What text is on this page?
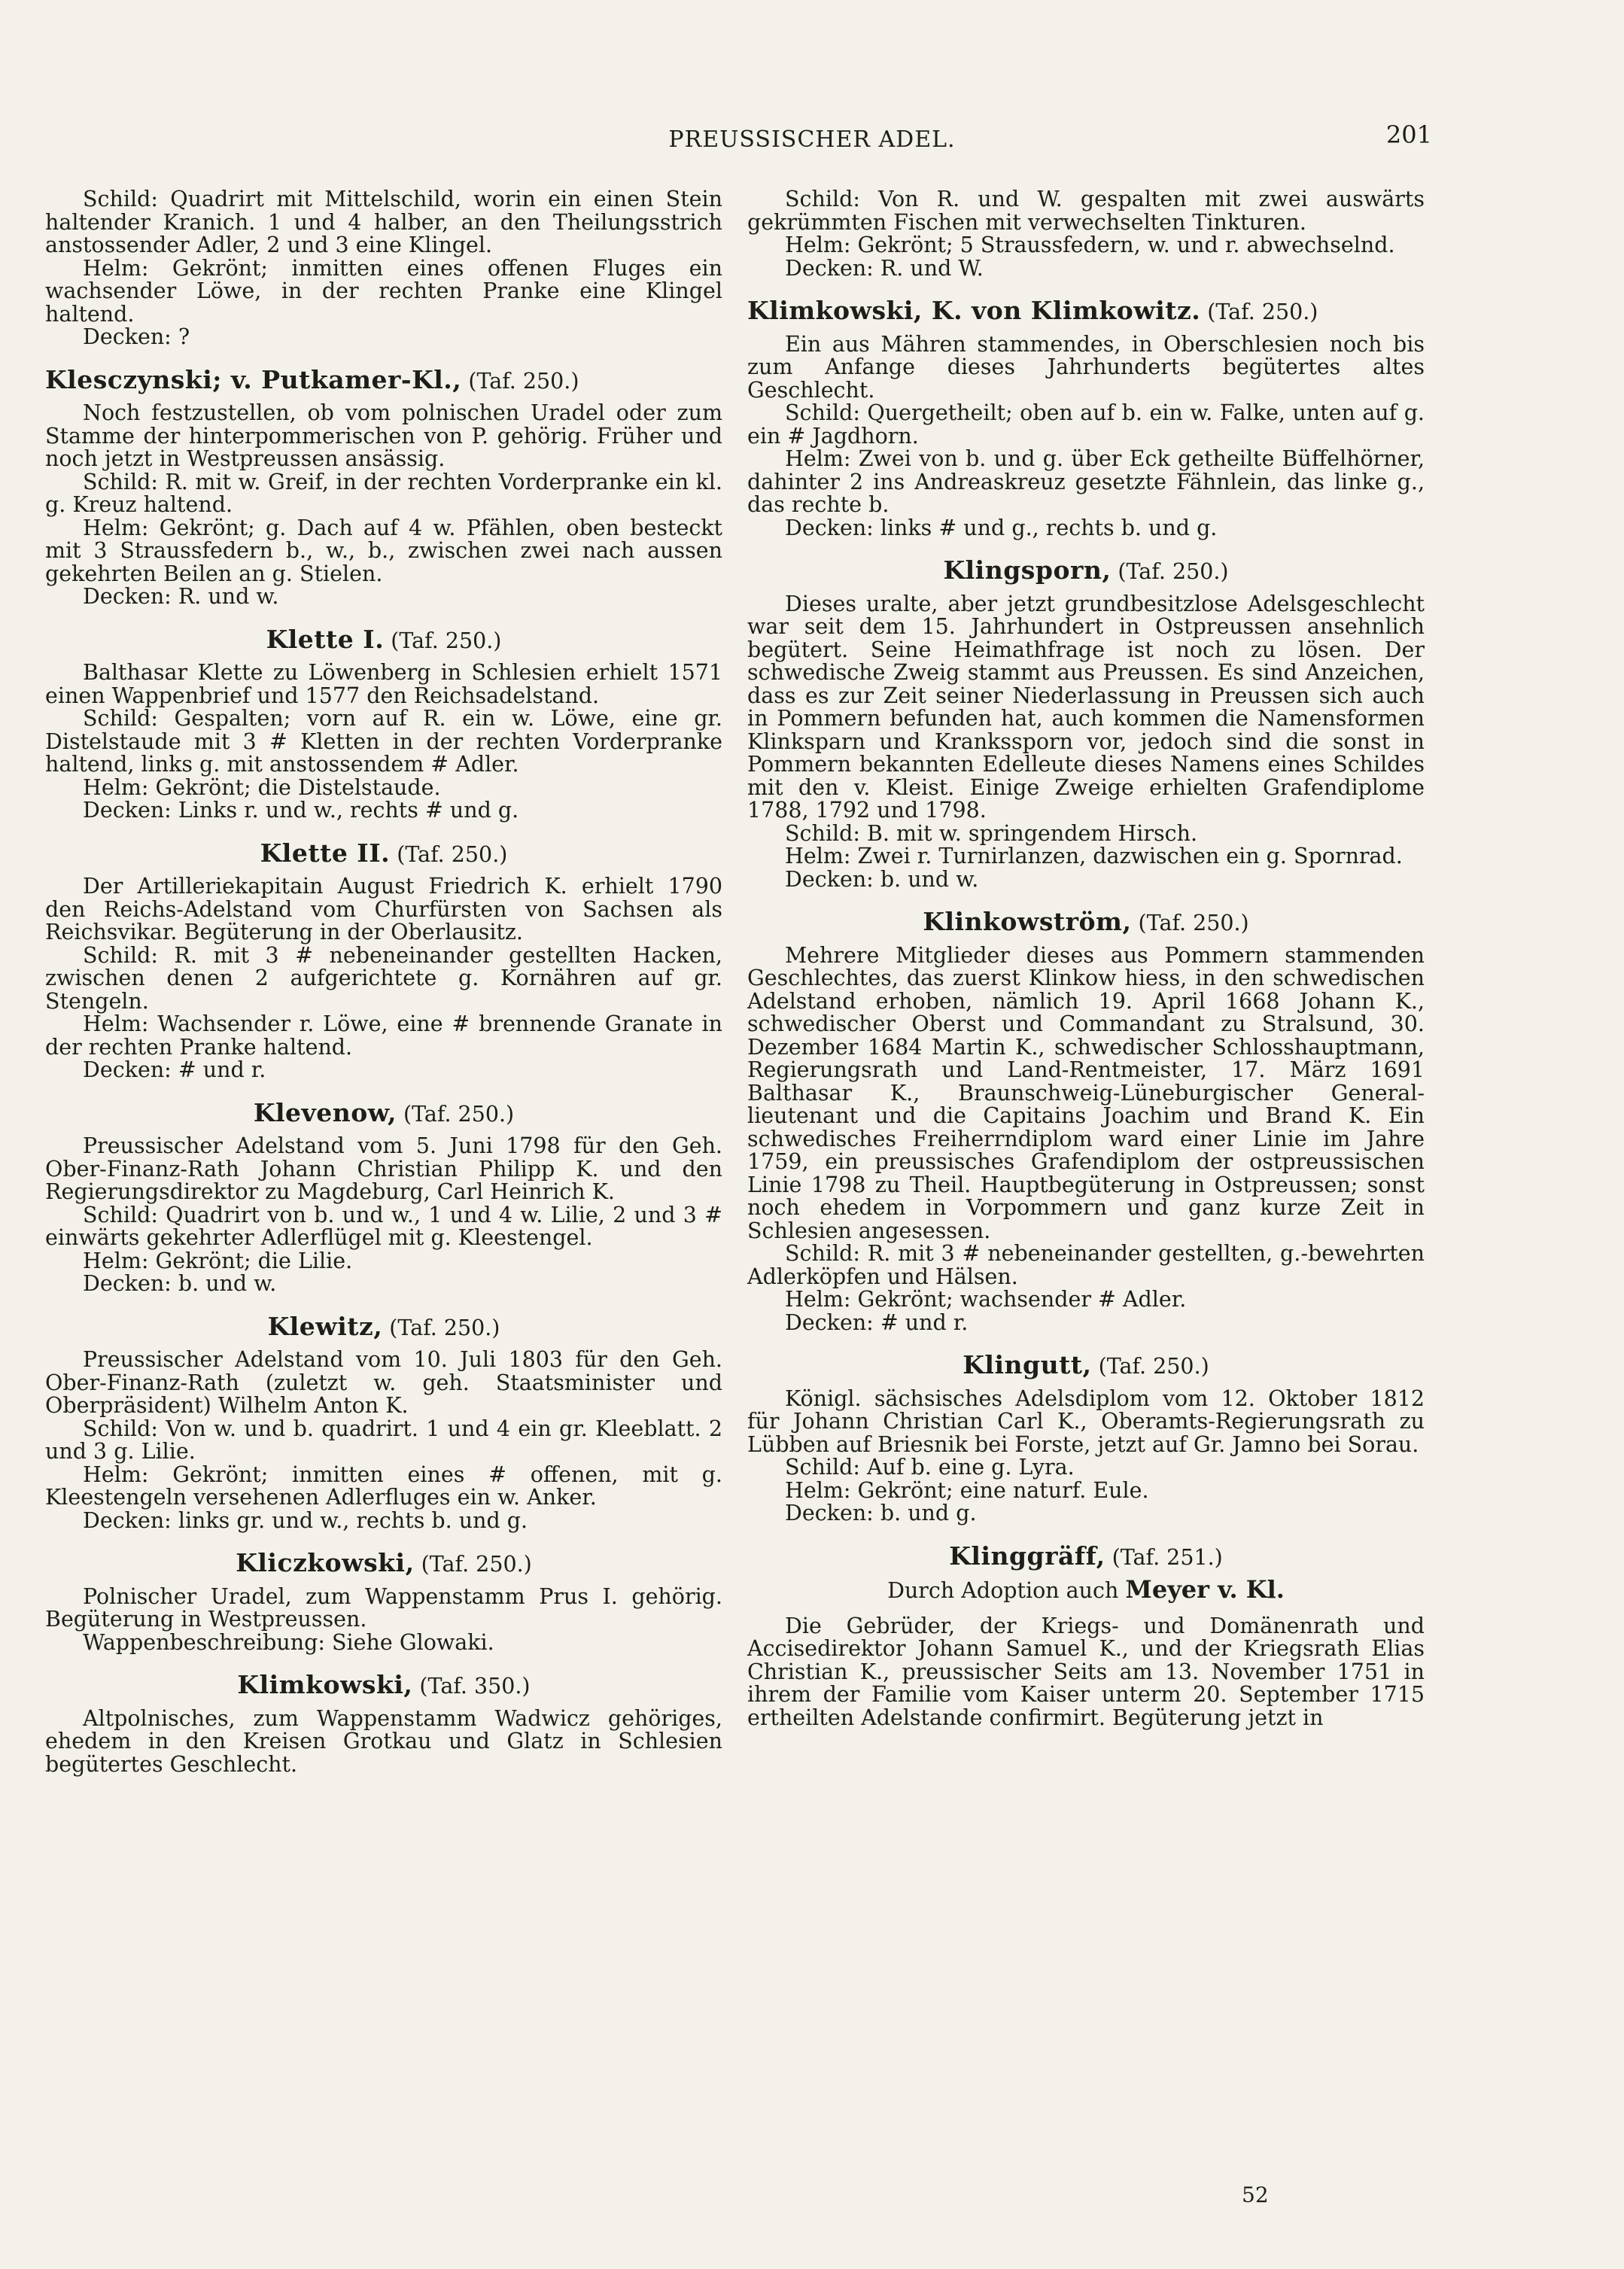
PREUSSISCHER ADEL.	201

Schild: Quadrirt mit Mittelschild, worin ein einen Stein haltender Kranich. 1 und 4 halber, an den Theilungsstrich anstossender Adler, 2 und 3 eine Klingel.

Helm: Gekrönt; inmitten eines offenen Fluges ein wachsender Löwe, in der rechten Pranke eine Klingel haltend.

Decken: ?

Klesczynski; v. Putkamer-Kl., (Taf. 250.)

Noch festzustellen, ob vom polnischen Uradel oder zum Stamme der hinterpommerischen von P. gehörig. Früher und noch jetzt in Westpreussen ansässig.

Schild: R. mit w. Greif, in der rechten Vorderpranke ein kl. g. Kreuz haltend.

Helm: Gekrönt; g. Dach auf 4 w. Pfählen, oben besteckt mit 3 Straussfedern b., w., b., zwischen zwei nach aussen gekehrten Beilen an g. Stielen.

Decken: R. und w.

Klette I. (Taf. 250.)

Balthasar Klette zu Löwenberg in Schlesien erhielt 1571 einen Wappenbrief und 1577 den Reichsadelstand.

Schild: Gespalten; vorn auf R. ein w. Löwe, eine gr. Distelstaude mit 3 # Kletten in der rechten Vorderpranke haltend, links g. mit anstossendem # Adler.

Helm: Gekrönt; die Distelstaude.

Decken: Links r. und w., rechts # und g.

Klette II. (Taf. 250.)

Der Artilleriekapitain August Friedrich K. erhielt 1790 den Reichs-Adelstand vom Churfürsten von Sachsen als Reichsvikar. Begüterung in der Oberlausitz.

Schild: R. mit 3 # nebeneinander gestellten Hacken, zwischen denen 2 aufgerichtete g. Kornähren auf gr. Stengeln.

Helm: Wachsender r. Löwe, eine # brennende Granate in der rechten Pranke haltend.

Decken: # und r.

Klevenow, (Taf. 250.)

Preussischer Adelstand vom 5. Juni 1798 für den Geh. Ober-Finanz-Rath Johann Christian Philipp K. und den Regierungsdirektor zu Magdeburg, Carl Heinrich K.

Schild: Quadrirt von b. und w., 1 und 4 w. Lilie, 2 und 3 # einwärts gekehrter Adlerflügel mit g. Kleestengel.

Helm: Gekrönt; die Lilie.

Decken: b. und w.

Klewitz, (Taf. 250.)

Preussischer Adelstand vom 10. Juli 1803 für den Geh. Ober-Finanz-Rath (zuletzt w. geh. Staatsminister und Oberpräsident) Wilhelm Anton K.

Schild: Von w. und b. quadrirt. 1 und 4 ein gr. Kleeblatt. 2 und 3 g. Lilie.

Helm: Gekrönt; inmitten eines # offenen, mit g. Kleestengeln versehenen Adlerfluges ein w. Anker.

Decken: links gr. und w., rechts b. und g.

Kliczkowski, (Taf. 250.)

Polnischer Uradel, zum Wappenstamm Prus I. gehörig. Begüterung in Westpreussen.

Wappenbeschreibung: Siehe Glowaki.

Klimkowski, (Taf. 350.)

Altpolnisches, zum Wappenstamm Wadwicz gehöriges, ehedem in den Kreisen Grotkau und Glatz in Schlesien begütertes Geschlecht.

Schild: Von R. und W. gespalten mit zwei auswärts gekrümmten Fischen mit verwechselten Tinkturen.

Helm: Gekrönt; 5 Straussfedern, w. und r. abwechselnd.

Decken: R. und W.

Klimkowski, K. von Klimkowitz. (Taf. 250.)

Ein aus Mähren stammendes, in Oberschlesien noch bis zum Anfange dieses Jahrhunderts begütertes altes Geschlecht.

Schild: Quergetheilt; oben auf b. ein w. Falke, unten auf g. ein # Jagdhorn.

Helm: Zwei von b. und g. über Eck getheilte Büffelhörner, dahinter 2 ins Andreaskreuz gesetzte Fähnlein, das linke g., das rechte b.

Decken: links # und g., rechts b. und g.

Klingsporn, (Taf. 250.)

Dieses uralte, aber jetzt grundbesitzlose Adelsgeschlecht war seit dem 15. Jahrhundert in Ostpreussen ansehnlich begütert. Seine Heimathfrage ist noch zu lösen. Der schwedische Zweig stammt aus Preussen. Es sind Anzeichen, dass es zur Zeit seiner Niederlassung in Preussen sich auch in Pommern befunden hat, auch kommen die Namensformen Klinksparn und Krankssporn vor, jedoch sind die sonst in Pommern bekannten Edelleute dieses Namens eines Schildes mit den v. Kleist. Einige Zweige erhielten Grafendiplome 1788, 1792 und 1798.

Schild: B. mit w. springendem Hirsch.

Helm: Zwei r. Turnirlanzen, dazwischen ein g. Spornrad.

Decken: b. und w.

Klinkowström, (Taf. 250.)

Mehrere Mitglieder dieses aus Pommern stammenden Geschlechtes, das zuerst Klinkow hiess, in den schwedischen Adelstand erhoben, nämlich 19. April 1668 Johann K., schwedischer Oberst und Commandant zu Stralsund, 30. Dezember 1684 Martin K., schwedischer Schlosshauptmann, Regierungsrath und Land-Rentmeister, 17. März 1691 Balthasar K., Braunschweig-Lüneburgischer General-lieutenant und die Capitains Joachim und Brand K. Ein schwedisches Freiherrndiplom ward einer Linie im Jahre 1759, ein preussisches Grafendiplom der ostpreussischen Linie 1798 zu Theil. Hauptbegüterung in Ostpreussen; sonst noch ehedem in Vorpommern und ganz kurze Zeit in Schlesien angesessen.

Schild: R. mit 3 # nebeneinander gestellten, g.-bewehrten Adlerköpfen und Hälsen.

Helm: Gekrönt; wachsender # Adler.

Decken: # und r.

Klingutt, (Taf. 250.)

Königl. sächsisches Adelsdiplom vom 12. Oktober 1812 für Johann Christian Carl K., Oberamts-Regierungsrath zu Lübben auf Briesnik bei Forste, jetzt auf Gr. Jamno bei Sorau.

Schild: Auf b. eine g. Lyra.

Helm: Gekrönt; eine naturf. Eule.

Decken: b. und g.

Klinggräff, (Taf. 251.)
Durch Adoption auch Meyer v. Kl.

Die Gebrüder, der Kriegs- und Domänenrath und Accisedirektor Johann Samuel K., und der Kriegsrath Elias Christian K., preussischer Seits am 13. November 1751 in ihrem der Familie vom Kaiser unterm 20. September 1715 ertheilten Adelstande confirmirt. Begüterung jetzt in

52
